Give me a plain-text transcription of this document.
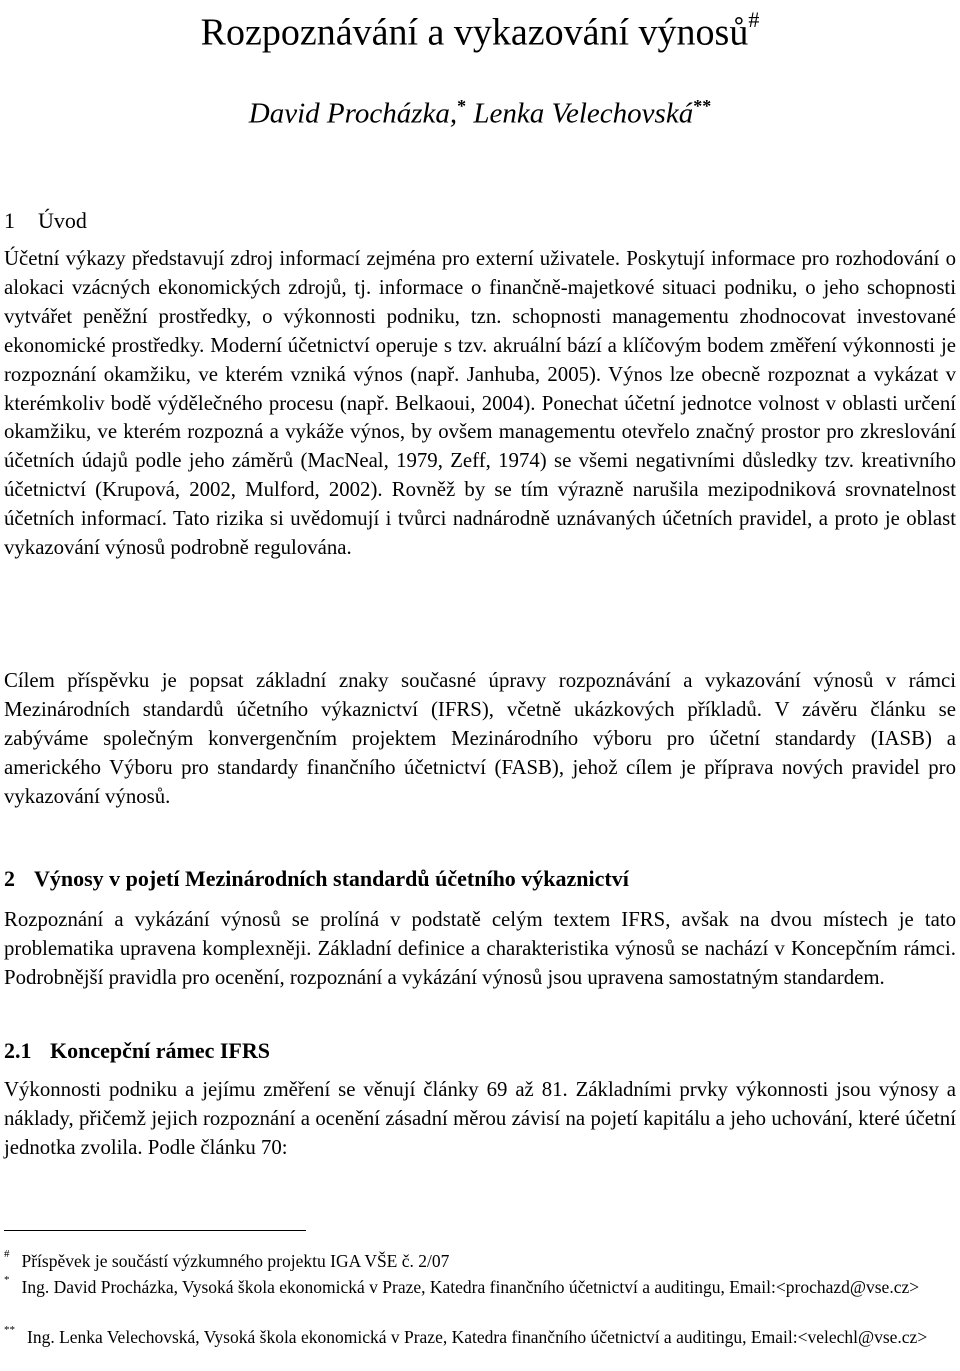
Rozpoznávání a vykazování výnosů#
David Procházka,* Lenka Velechovská**
1 Úvod

Účetní výkazy představují zdroj informací zejména pro externí uživatele. Poskytují informace pro rozhodování o alokaci vzácných ekonomických zdrojů, tj. informace o finančně-majetkové situaci podniku, o jeho schopnosti vytvářet peněžní prostředky, o výkonnosti podniku, tzn. schopnosti managementu zhodnocovat investované ekonomické prostředky. Moderní účetnictví operuje s tzv. akruální bází a klíčovým bodem změření výkonnosti je rozpoznání okamžiku, ve kterém vzniká výnos (např. Janhuba, 2005). Výnos lze obecně rozpoznat a vykázat v kterémkoliv bodě výdělečného procesu (např. Belkaoui, 2004). Ponechat účetní jednotce volnost v oblasti určení okamžiku, ve kterém rozpozná a vykáže výnos, by ovšem managementu otevřelo značný prostor pro zkreslování účetních údajů podle jeho záměrů (MacNeal, 1979, Zeff, 1974) se všemi negativními důsledky tzv. kreativního účetnictví (Krupová, 2002, Mulford, 2002). Rovněž by se tím výrazně narušila mezipodniková srovnatelnost účetních informací. Tato rizika si uvědomují i tvůrci nadnárodně uznávaných účetních pravidel, a proto je oblast vykazování výnosů podrobně regulována.

Cílem příspěvku je popsat základní znaky současné úpravy rozpoznávání a vykazování výnosů v rámci Mezinárodních standardů účetního výkaznictví (IFRS), včetně ukázkových příkladů. V závěru článku se zabýváme společným konvergenčním projektem Mezinárodního výboru pro účetní standardy (IASB) a amerického Výboru pro standardy finančního účetnictví (FASB), jehož cílem je příprava nových pravidel pro vykazování výnosů.

2 Výnosy v pojetí Mezinárodních standardů účetního výkaznictví

Rozpoznání a vykázání výnosů se prolíná v podstatě celým textem IFRS, avšak na dvou místech je tato problematika upravena komplexněji. Základní definice a charakteristika výnosů se nachází v Koncepčním rámci. Podrobnější pravidla pro ocenění, rozpoznání a vykázání výnosů jsou upravena samostatným standardem.

2.1 Koncepční rámec IFRS

Výkonnosti podniku a jejímu změření se věnují články 69 až 81. Základními prvky výkonnosti jsou výnosy a náklady, přičemž jejich rozpoznání a ocenění zásadní měrou závisí na pojetí kapitálu a jeho uchování, které účetní jednotka zvolila. Podle článku 70:

# Příspěvek je součástí výzkumného projektu IGA VŠE č. 2/07
* Ing. David Procházka, Vysoká škola ekonomická v Praze, Katedra finančního účetnictví a auditingu, Email:<prochazd@vse.cz>
** Ing. Lenka Velechovská, Vysoká škola ekonomická v Praze, Katedra finančního účetnictví a auditingu, Email:<velechl@vse.cz>
